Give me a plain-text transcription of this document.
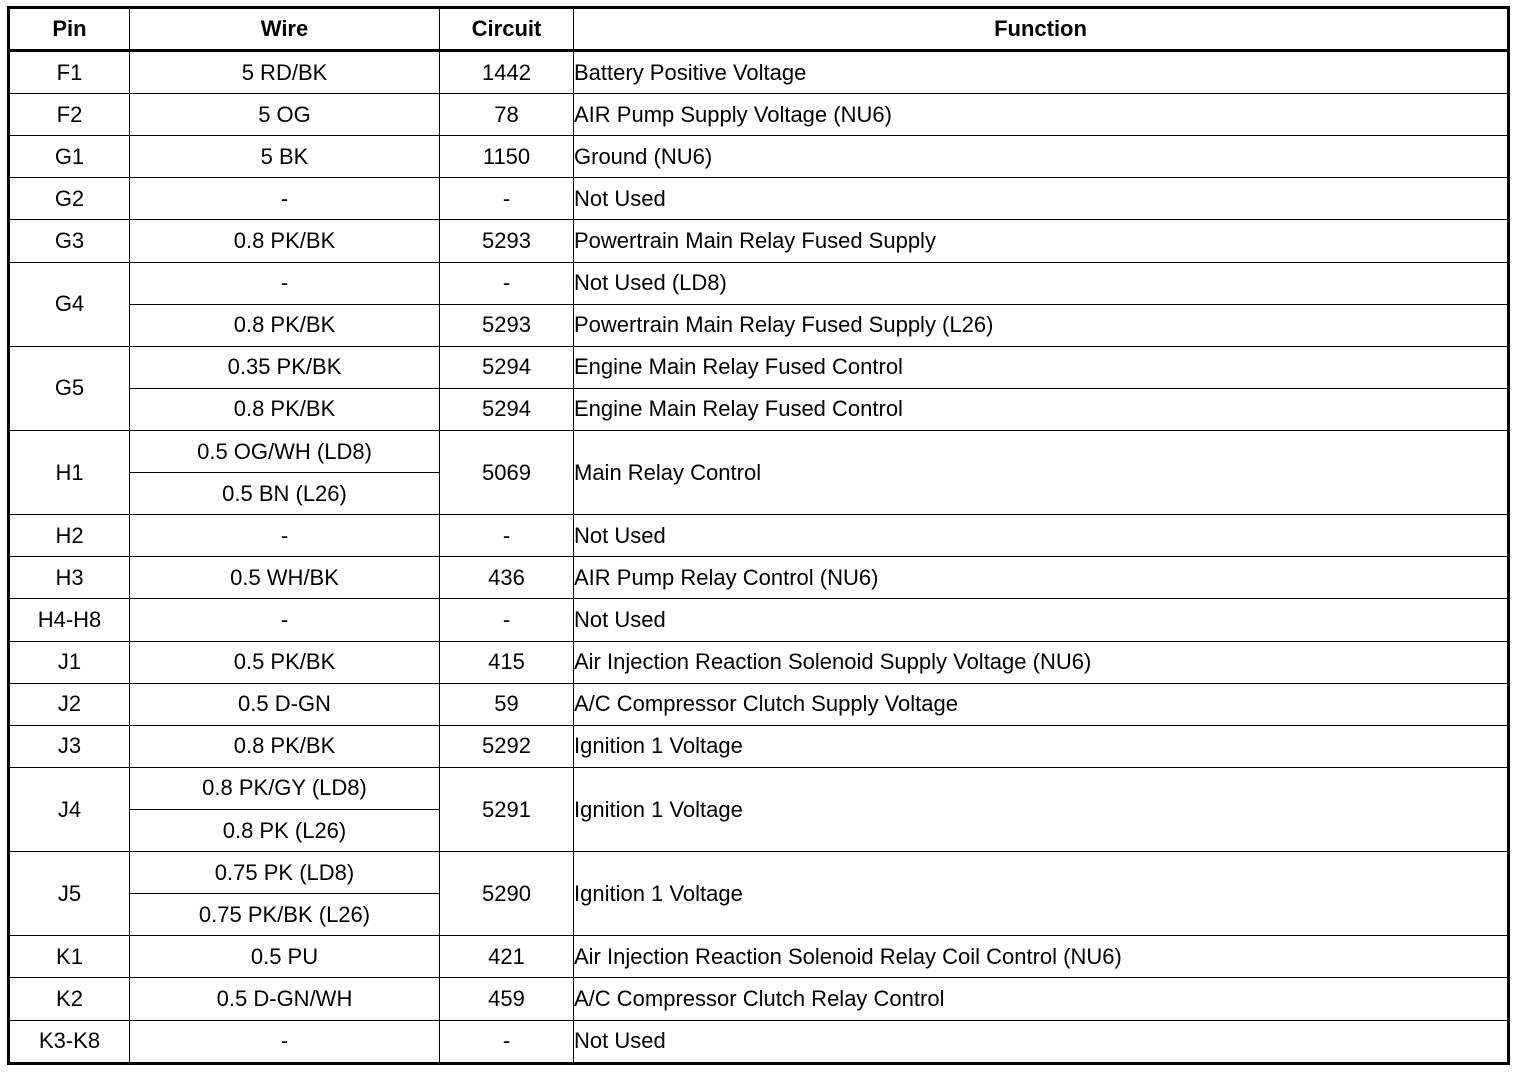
Pin	Wire	Circuit	Function
F1	5 RD/BK	1442	Battery Positive Voltage
F2	5 OG	78	AIR Pump Supply Voltage (NU6)
G1	5 BK	1150	Ground (NU6)
G2	-	-	Not Used
G3	0.8 PK/BK	5293	Powertrain Main Relay Fused Supply
G4	-	-	Not Used (LD8)
	0.8 PK/BK	5293	Powertrain Main Relay Fused Supply (L26)
G5	0.35 PK/BK	5294	Engine Main Relay Fused Control
	0.8 PK/BK	5294	Engine Main Relay Fused Control
H1	0.5 OG/WH (LD8)	5069	Main Relay Control
	0.5 BN (L26)		
H2	-	-	Not Used
H3	0.5 WH/BK	436	AIR Pump Relay Control (NU6)
H4-H8	-	-	Not Used
J1	0.5 PK/BK	415	Air Injection Reaction Solenoid Supply Voltage (NU6)
J2	0.5 D-GN	59	A/C Compressor Clutch Supply Voltage
J3	0.8 PK/BK	5292	Ignition 1 Voltage
J4	0.8 PK/GY (LD8)	5291	Ignition 1 Voltage
	0.8 PK (L26)		
J5	0.75 PK (LD8)	5290	Ignition 1 Voltage
	0.75 PK/BK (L26)		
K1	0.5 PU	421	Air Injection Reaction Solenoid Relay Coil Control (NU6)
K2	0.5 D-GN/WH	459	A/C Compressor Clutch Relay Control
K3-K8	-	-	Not Used
